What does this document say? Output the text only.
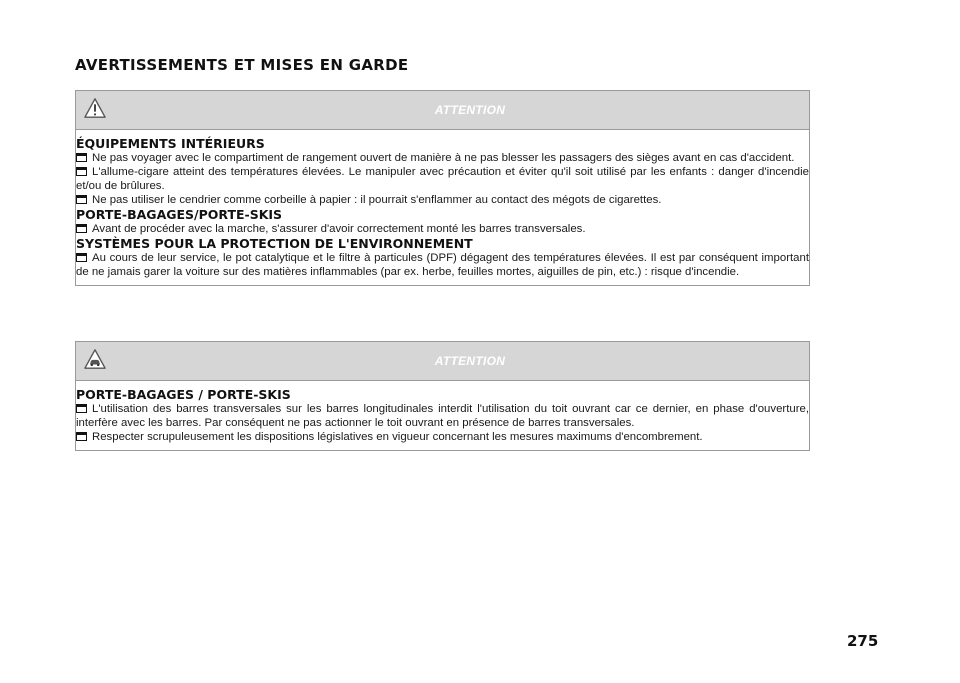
AVERTISSEMENTS ET MISES EN GARDE
ATTENTION

ÉQUIPEMENTS INTÉRIEURS

Ne pas voyager avec le compartiment de rangement ouvert de manière à ne pas blesser les passagers des sièges avant en cas d'accident.

L'allume-cigare atteint des températures élevées. Le manipuler avec précaution et éviter qu'il soit utilisé par les enfants : danger d'incendie et/ou de brûlures.

Ne pas utiliser le cendrier comme corbeille à papier : il pourrait s'enflammer au contact des mégots de cigarettes.

PORTE-BAGAGES/PORTE-SKIS

Avant de procéder avec la marche, s'assurer d'avoir correctement monté les barres transversales.

SYSTÈMES POUR LA PROTECTION DE L'ENVIRONNEMENT

Au cours de leur service, le pot catalytique et le filtre à particules (DPF) dégagent des températures élevées. Il est par conséquent important de ne jamais garer la voiture sur des matières inflammables (par ex. herbe, feuilles mortes, aiguilles de pin, etc.) : risque d'incendie.

ATTENTION

PORTE-BAGAGES / PORTE-SKIS

L'utilisation des barres transversales sur les barres longitudinales interdit l'utilisation du toit ouvrant car ce dernier, en phase d'ouverture, interfère avec les barres. Par conséquent ne pas actionner le toit ouvrant en présence de barres transversales.

Respecter scrupuleusement les dispositions législatives en vigueur concernant les mesures maximums d'encombrement.

275
